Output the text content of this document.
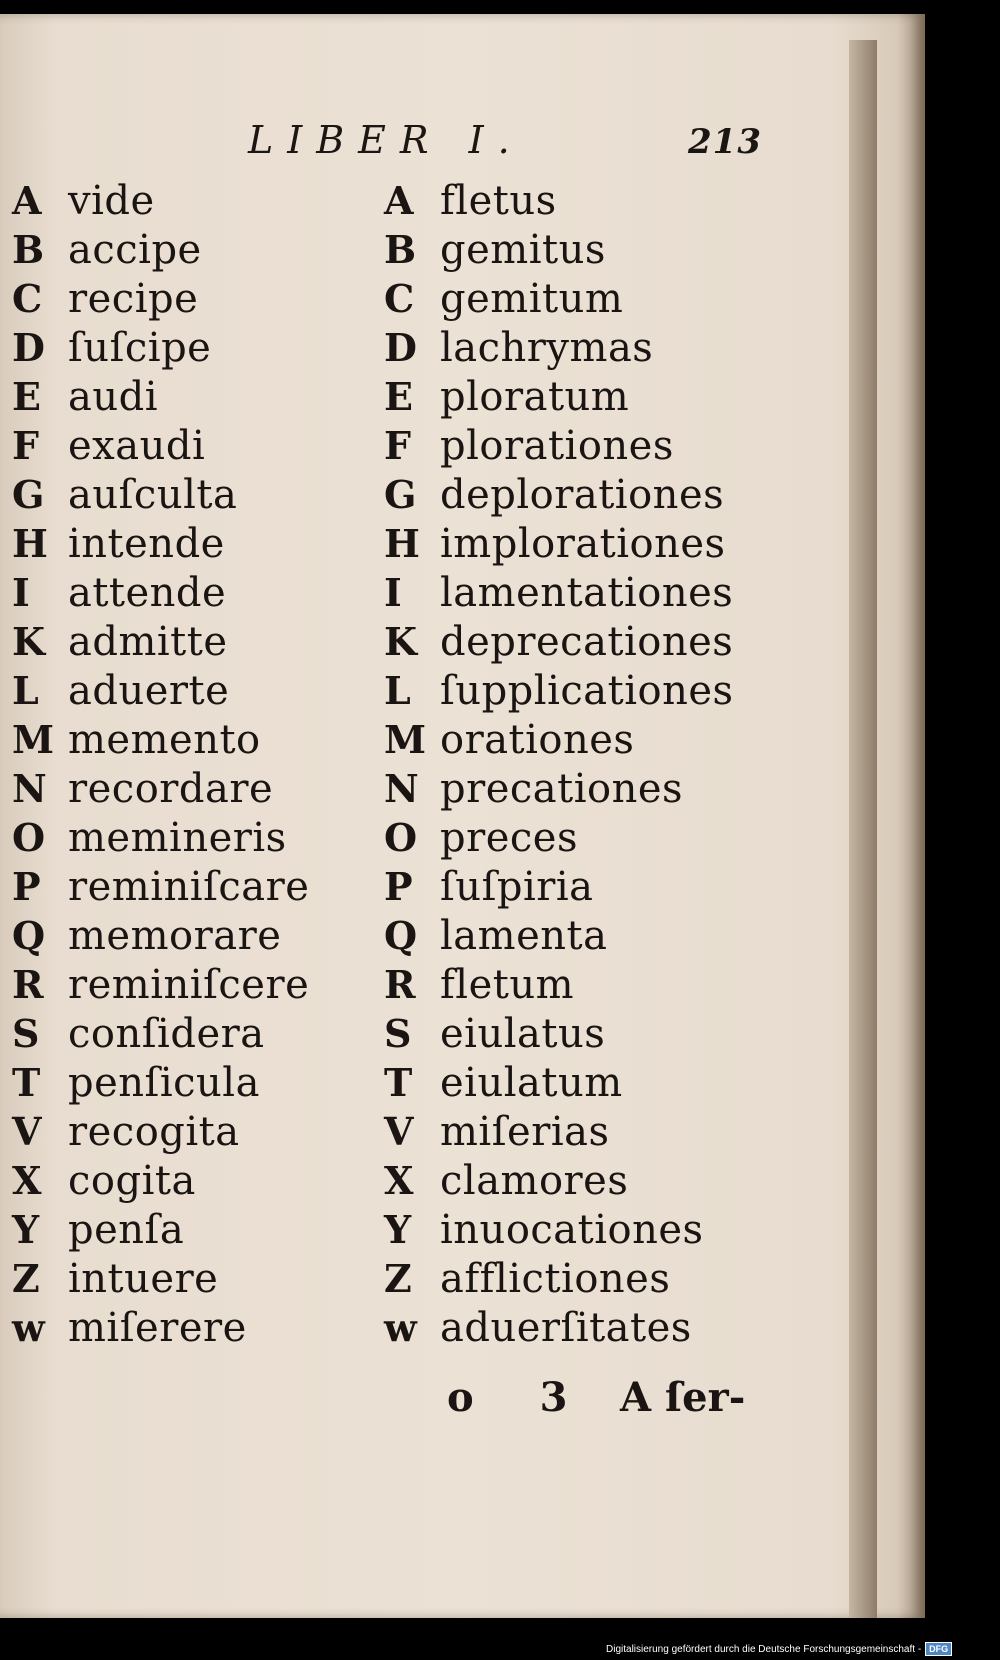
LIBER I.	213
A vide
B accipe
C recipe
D ſuſcipe
E audi
F exaudi
G auſculta
H intende
I attende
K admitte
L aduerte
M memento
N recordare
O memineris
P reminiſcare
Q memorare
R reminiſcere
S conſidera
T penſicula
V recogita
X cogita
Y penſa
Z intuere
w miſerere
A fletus
B gemitus
C gemitum
D lachrymas
E ploratum
F plorationes
G deplorationes
H implorationes
I lamentationes
K deprecationes
L ſupplicationes
M orationes
N precationes
O preces
P ſuſpiria
Q lamenta
R fletum
S eiulatus
T eiulatum
V miſerias
X clamores
Y inuocationes
Z afflictiones
w aduerſitates
o 3 A ſer-
Digitalisierung gefördert durch die Deutsche Forschungsgemeinschaft - DFG
